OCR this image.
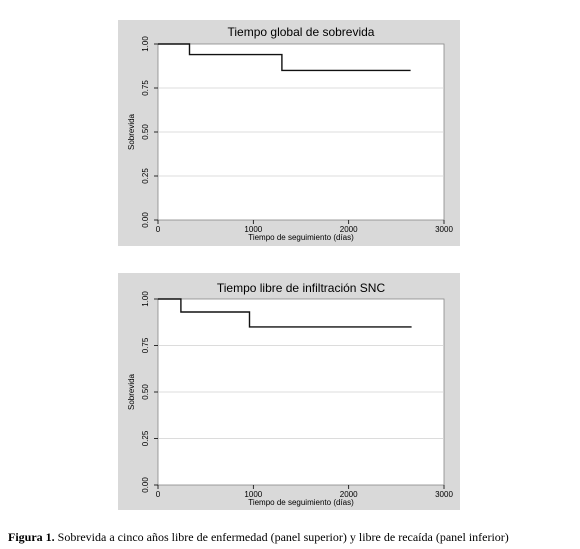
Tiempo global de sobrevida
0.00
0.25
0.50
0.75
1.00
0	1000	2000	3000
Tiempo de seguimiento (días)
Sobrevida
Tiempo libre de infiltración SNC
0.00
0.25
0.50
0.75
1.00
0	1000	2000	3000
Tiempo de seguimiento (días)
Sobrevida
Figura 1. Sobrevida a cinco años libre de enfermedad (panel superior) y libre de recaída (panel inferior)
